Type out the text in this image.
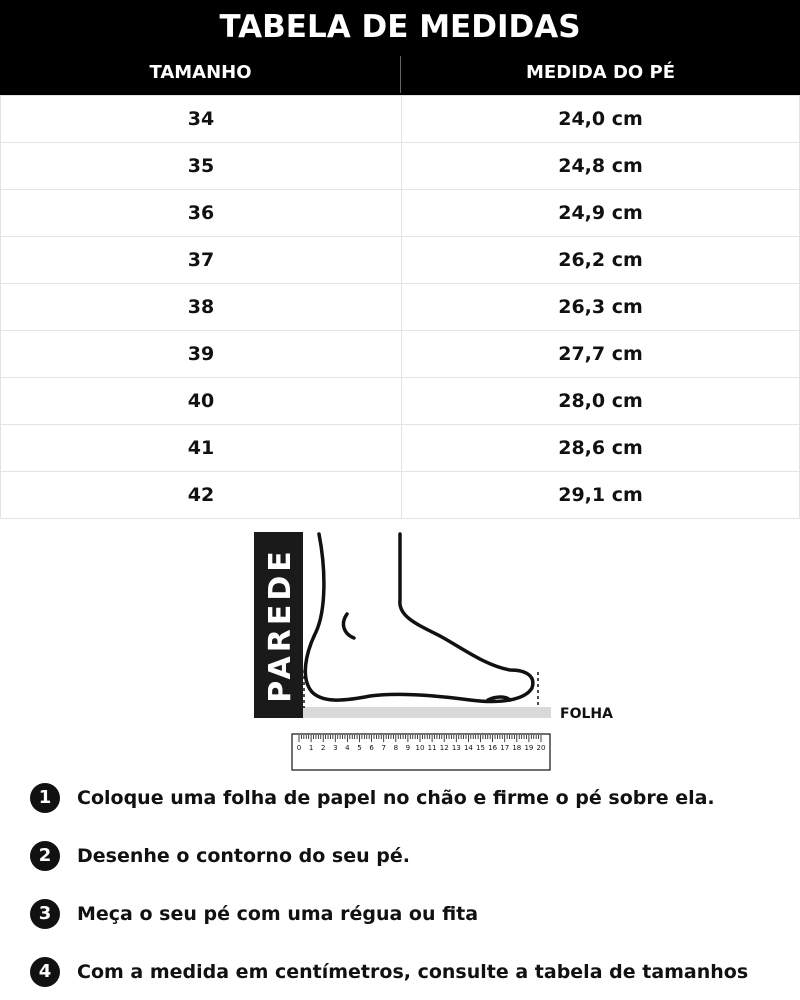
TABELA DE MEDIDAS
TAMANHO	MEDIDA DO PÉ
34	24,0 cm
35	24,8 cm
36	24,9 cm
37	26,2 cm
38	26,3 cm
39	27,7 cm
40	28,0 cm
41	28,6 cm
42	29,1 cm
PAREDE
FOLHA
0 1 2 3 4 5 6 7 8 9 10 11 12 13 14 15 16 17 18 19 20
1	Coloque uma folha de papel no chão e firme o pé sobre ela.
2	Desenhe o contorno do seu pé.
3	Meça o seu pé com uma régua ou fita
4	Com a medida em centímetros, consulte a tabela de tamanhos
